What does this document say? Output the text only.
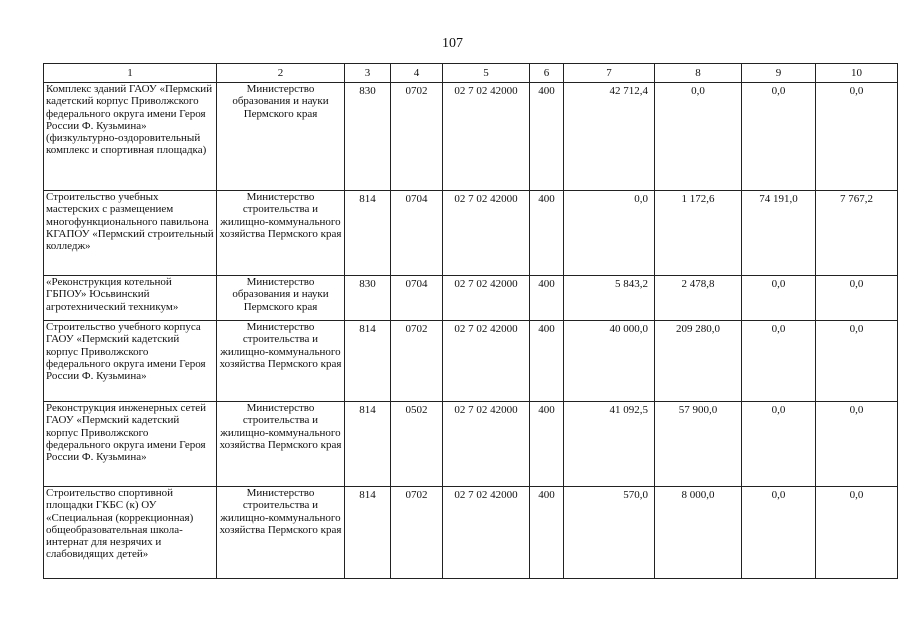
107
1	2	3	4	5	6	7	8	9	10
Комплекс зданий ГАОУ «Пермский кадетский корпус Приволжского федерального округа имени Героя России Ф. Кузьмина» (физкультурно-оздоровительный комплекс и спортивная площадка)	Министерство образования и науки Пермского края	830	0702	02 7 02 42000	400	42 712,4	0,0	0,0	0,0
Строительство учебных мастерских с размещением многофункционального павильона КГАПОУ «Пермский строительный колледж»	Министерство строительства и жилищно-коммунального хозяйства Пермского края	814	0704	02 7 02 42000	400	0,0	1 172,6	74 191,0	7 767,2
«Реконструкция котельной ГБПОУ» Юсьвинский агротехнический техникум»	Министерство образования и науки Пермского края	830	0704	02 7 02 42000	400	5 843,2	2 478,8	0,0	0,0
Строительство учебного корпуса ГАОУ «Пермский кадетский корпус Приволжского федерального округа имени Героя России Ф. Кузьмина»	Министерство строительства и жилищно-коммунального хозяйства Пермского края	814	0702	02 7 02 42000	400	40 000,0	209 280,0	0,0	0,0
Реконструкция инженерных сетей ГАОУ «Пермский кадетский корпус Приволжского федерального округа имени Героя России Ф. Кузьмина»	Министерство строительства и жилищно-коммунального хозяйства Пермского края	814	0502	02 7 02 42000	400	41 092,5	57 900,0	0,0	0,0
Строительство спортивной площадки ГКБС (к) ОУ «Специальная (коррекционная) общеобразовательная школа-интернат для незрячих и слабовидящих детей»	Министерство строительства и жилищно-коммунального хозяйства Пермского края	814	0702	02 7 02 42000	400	570,0	8 000,0	0,0	0,0
